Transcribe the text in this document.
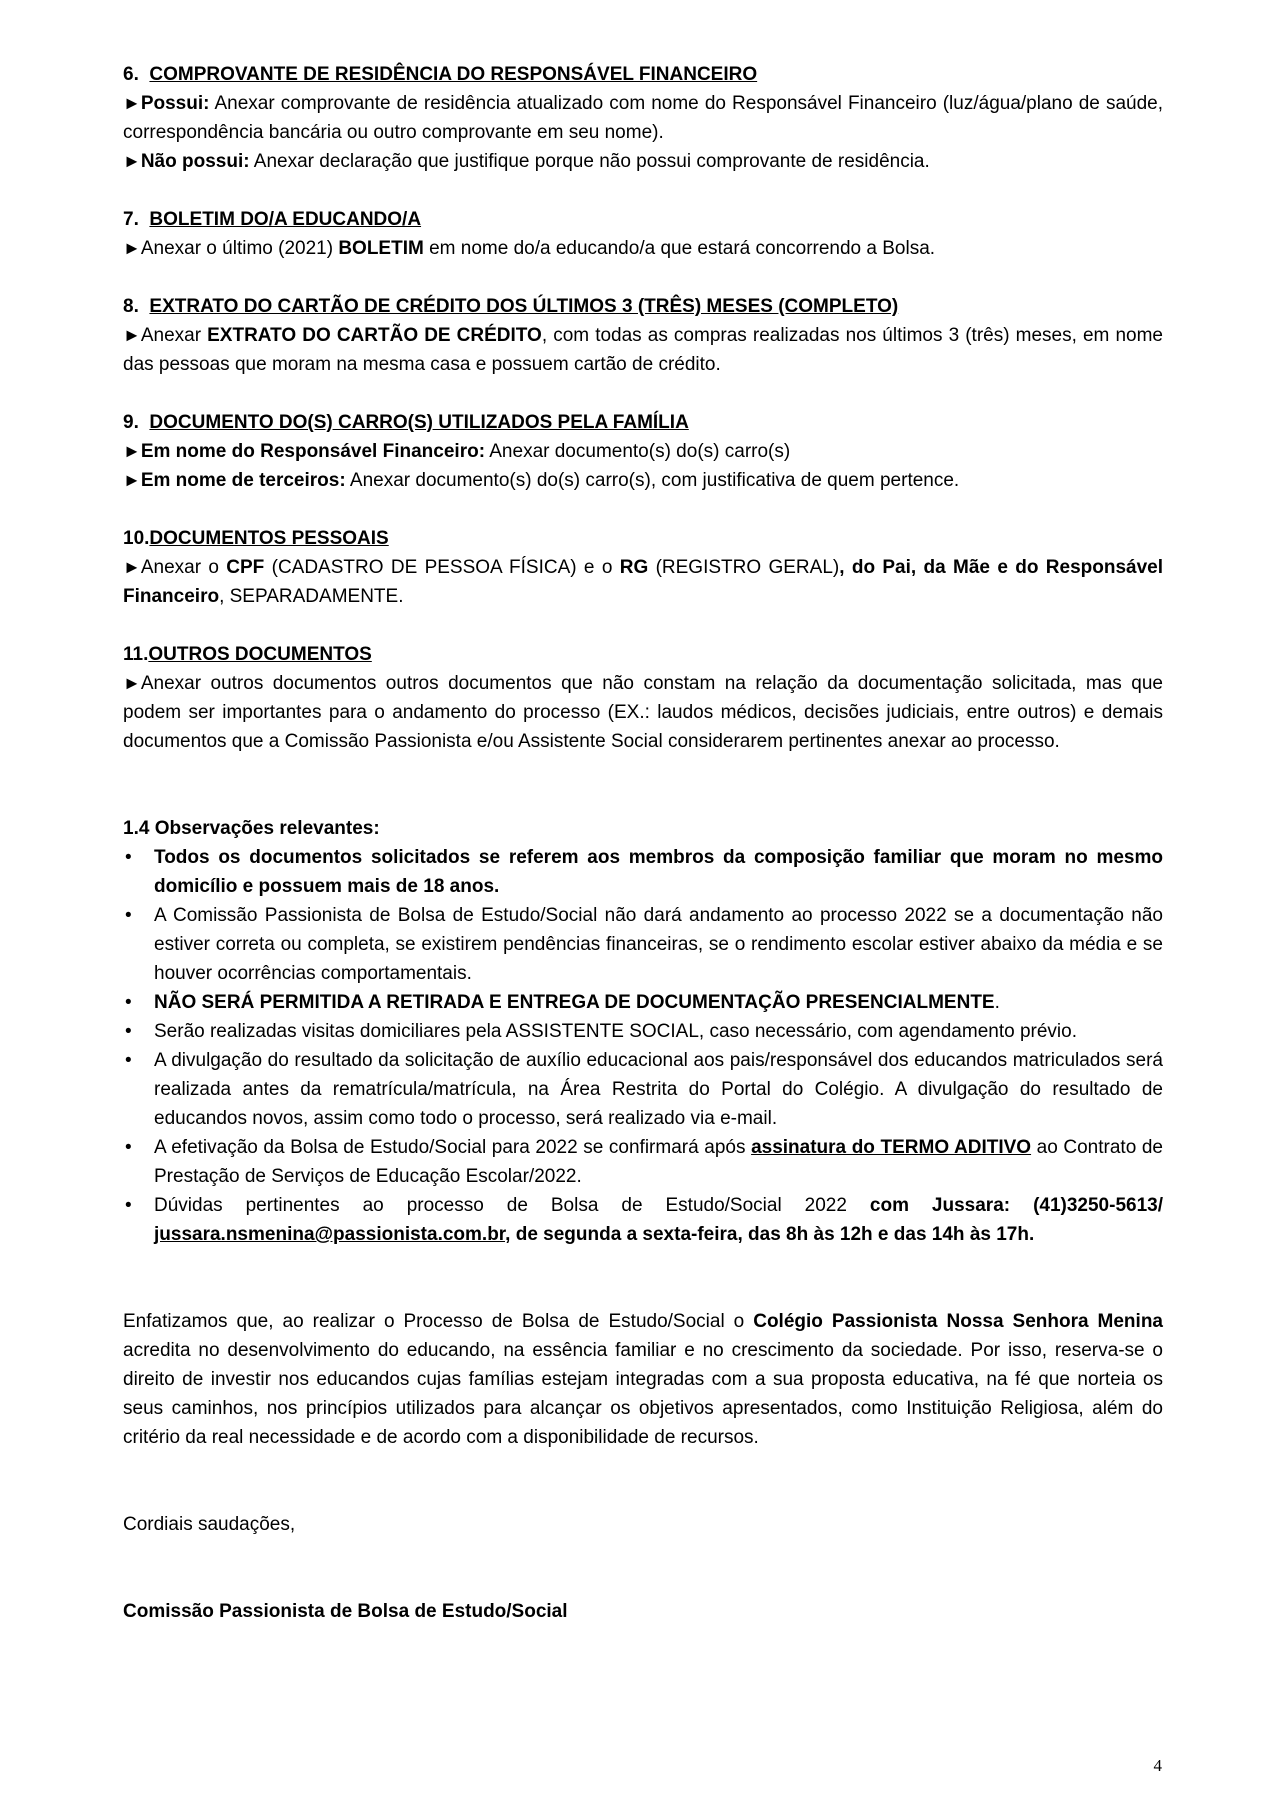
6. COMPROVANTE DE RESIDÊNCIA DO RESPONSÁVEL FINANCEIRO

►Possui: Anexar comprovante de residência atualizado com nome do Responsável Financeiro (luz/água/plano de saúde, correspondência bancária ou outro comprovante em seu nome).

►Não possui: Anexar declaração que justifique porque não possui comprovante de residência.

7. BOLETIM DO/A EDUCANDO/A

►Anexar o último (2021) BOLETIM em nome do/a educando/a que estará concorrendo a Bolsa.

8. EXTRATO DO CARTÃO DE CRÉDITO DOS ÚLTIMOS 3 (TRÊS) MESES (COMPLETO)

►Anexar EXTRATO DO CARTÃO DE CRÉDITO, com todas as compras realizadas nos últimos 3 (três) meses, em nome das pessoas que moram na mesma casa e possuem cartão de crédito.

9. DOCUMENTO DO(S) CARRO(S) UTILIZADOS PELA FAMÍLIA

►Em nome do Responsável Financeiro: Anexar documento(s) do(s) carro(s)

►Em nome de terceiros: Anexar documento(s) do(s) carro(s), com justificativa de quem pertence.

10.DOCUMENTOS PESSOAIS

►Anexar o CPF (CADASTRO DE PESSOA FÍSICA) e o RG (REGISTRO GERAL), do Pai, da Mãe e do Responsável Financeiro, SEPARADAMENTE.

11.OUTROS DOCUMENTOS

►Anexar outros documentos outros documentos que não constam na relação da documentação solicitada, mas que podem ser importantes para o andamento do processo (EX.: laudos médicos, decisões judiciais, entre outros) e demais documentos que a Comissão Passionista e/ou Assistente Social considerarem pertinentes anexar ao processo.

1.4 Observações relevantes:
• Todos os documentos solicitados se referem aos membros da composição familiar que moram no mesmo domicílio e possuem mais de 18 anos.
• A Comissão Passionista de Bolsa de Estudo/Social não dará andamento ao processo 2022 se a documentação não estiver correta ou completa, se existirem pendências financeiras, se o rendimento escolar estiver abaixo da média e se houver ocorrências comportamentais.
• NÃO SERÁ PERMITIDA A RETIRADA E ENTREGA DE DOCUMENTAÇÃO PRESENCIALMENTE.
• Serão realizadas visitas domiciliares pela ASSISTENTE SOCIAL, caso necessário, com agendamento prévio.
• A divulgação do resultado da solicitação de auxílio educacional aos pais/responsável dos educandos matriculados será realizada antes da rematrícula/matrícula, na Área Restrita do Portal do Colégio. A divulgação do resultado de educandos novos, assim como todo o processo, será realizado via e-mail.
• A efetivação da Bolsa de Estudo/Social para 2022 se confirmará após assinatura do TERMO ADITIVO ao Contrato de Prestação de Serviços de Educação Escolar/2022.
• Dúvidas pertinentes ao processo de Bolsa de Estudo/Social 2022 com Jussara: (41)3250-5613/ jussara.nsmenina@passionista.com.br, de segunda a sexta-feira, das 8h às 12h e das 14h às 17h.

Enfatizamos que, ao realizar o Processo de Bolsa de Estudo/Social o Colégio Passionista Nossa Senhora Menina acredita no desenvolvimento do educando, na essência familiar e no crescimento da sociedade. Por isso, reserva-se o direito de investir nos educandos cujas famílias estejam integradas com a sua proposta educativa, na fé que norteia os seus caminhos, nos princípios utilizados para alcançar os objetivos apresentados, como Instituição Religiosa, além do critério da real necessidade e de acordo com a disponibilidade de recursos.

Cordiais saudações,

Comissão Passionista de Bolsa de Estudo/Social

4
